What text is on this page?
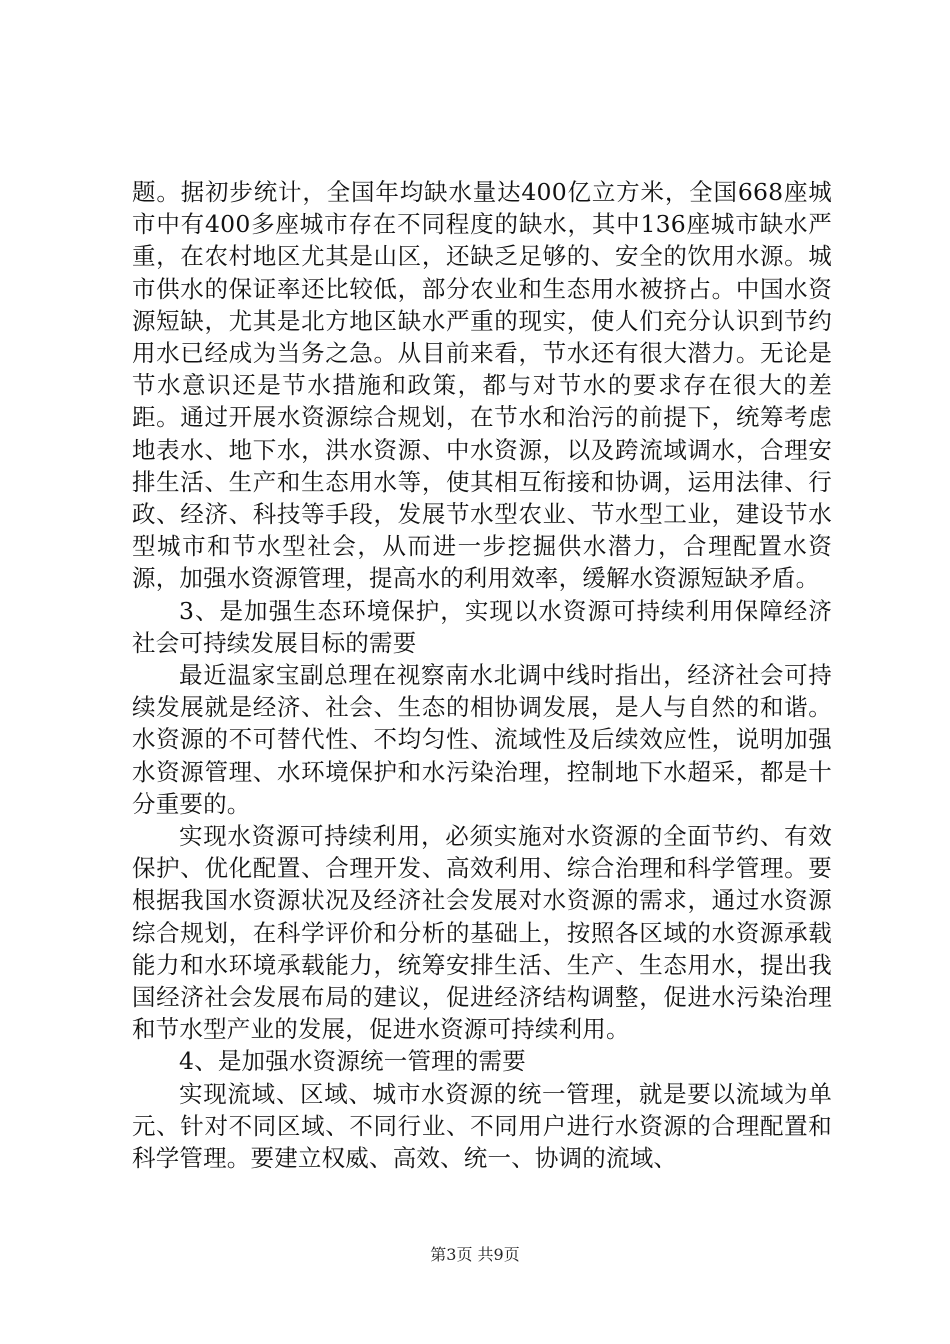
题。据初步统计，全国年均缺水量达400亿立方米，全国668座城市中有400多座城市存在不同程度的缺水，其中136座城市缺水严重，在农村地区尤其是山区，还缺乏足够的、安全的饮用水源。城市供水的保证率还比较低，部分农业和生态用水被挤占。中国水资源短缺，尤其是北方地区缺水严重的现实，使人们充分认识到节约用水已经成为当务之急。从目前来看，节水还有很大潜力。无论是节水意识还是节水措施和政策，都与对节水的要求存在很大的差距。通过开展水资源综合规划，在节水和治污的前提下，统筹考虑地表水、地下水，洪水资源、中水资源，以及跨流域调水，合理安排生活、生产和生态用水等，使其相互衔接和协调，运用法律、行政、经济、科技等手段，发展节水型农业、节水型工业，建设节水型城市和节水型社会，从而进一步挖掘供水潜力，合理配置水资源，加强水资源管理，提高水的利用效率，缓解水资源短缺矛盾。

3、是加强生态环境保护，实现以水资源可持续利用保障经济社会可持续发展目标的需要

最近温家宝副总理在视察南水北调中线时指出，经济社会可持续发展就是经济、社会、生态的相协调发展，是人与自然的和谐。水资源的不可替代性、不均匀性、流域性及后续效应性，说明加强水资源管理、水环境保护和水污染治理，控制地下水超采，都是十分重要的。

实现水资源可持续利用，必须实施对水资源的全面节约、有效保护、优化配置、合理开发、高效利用、综合治理和科学管理。要根据我国水资源状况及经济社会发展对水资源的需求，通过水资源综合规划，在科学评价和分析的基础上，按照各区域的水资源承载能力和水环境承载能力，统筹安排生活、生产、生态用水，提出我国经济社会发展布局的建议，促进经济结构调整，促进水污染治理和节水型产业的发展，促进水资源可持续利用。

4、是加强水资源统一管理的需要

实现流域、区域、城市水资源的统一管理，就是要以流域为单元、针对不同区域、不同行业、不同用户进行水资源的合理配置和科学管理。要建立权威、高效、统一、协调的流域、

第3页 共9页
